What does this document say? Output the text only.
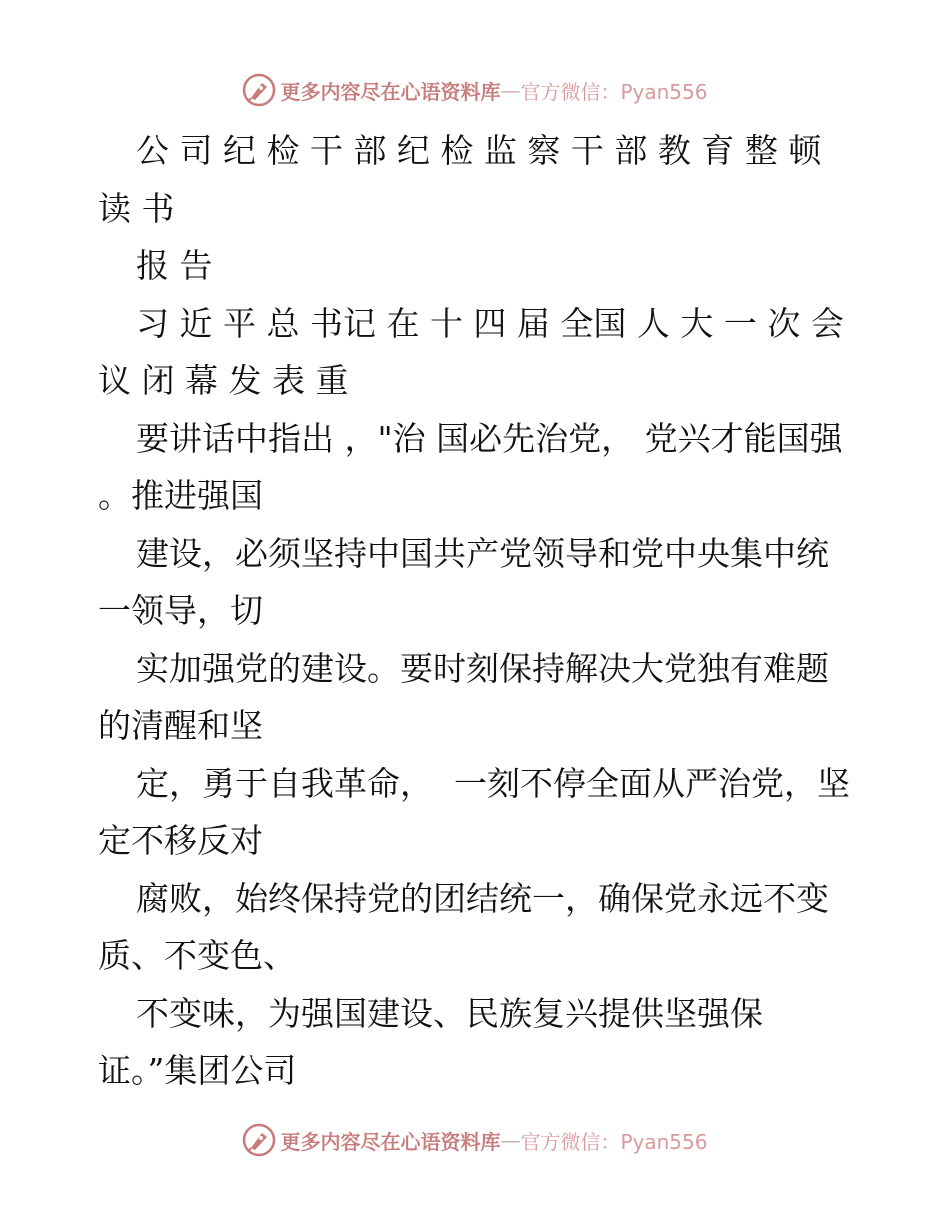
更多内容尽在心语资料库 — 官方微信：Pyan556

公 司 纪 检 干 部 纪 检 监 察 干 部 教 育 整 顿 读 书

报 告

习 近 平 总 书记 在 十 四 届 全国 人 大 一 次 会议 闭 幕 发 表 重

要讲话中指出 ，"治 国必先治党， 党兴才能国强 。推进强国

建设，必须坚持中国共产党领导和党中央集中统一领导，切

实加强党的建设。要时刻保持解决大党独有难题的清醒和坚

定，勇于自我革命，  一刻不停全面从严治党，坚定不移反对

腐败，始终保持党的团结统一，确保党永远不变质、不变色、

不变味，为强国建设、民族复兴提供坚强保 证。”集团公司

更多内容尽在心语资料库 — 官方微信：Pyan556
